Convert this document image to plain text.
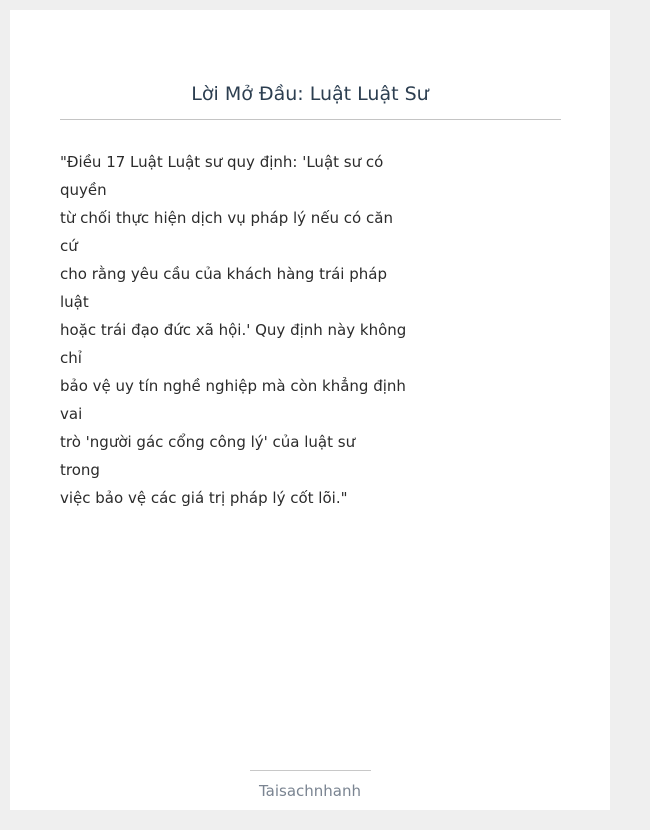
Lời Mở Đầu: Luật Luật Sư
"Điều 17 Luật Luật sư quy định: 'Luật sư có
quyền
từ chối thực hiện dịch vụ pháp lý nếu có căn
cứ
cho rằng yêu cầu của khách hàng trái pháp
luật
hoặc trái đạo đức xã hội.' Quy định này không
chỉ
bảo vệ uy tín nghề nghiệp mà còn khẳng định
vai
trò 'người gác cổng công lý' của luật sư
trong
việc bảo vệ các giá trị pháp lý cốt lõi."
Taisachnhanh
